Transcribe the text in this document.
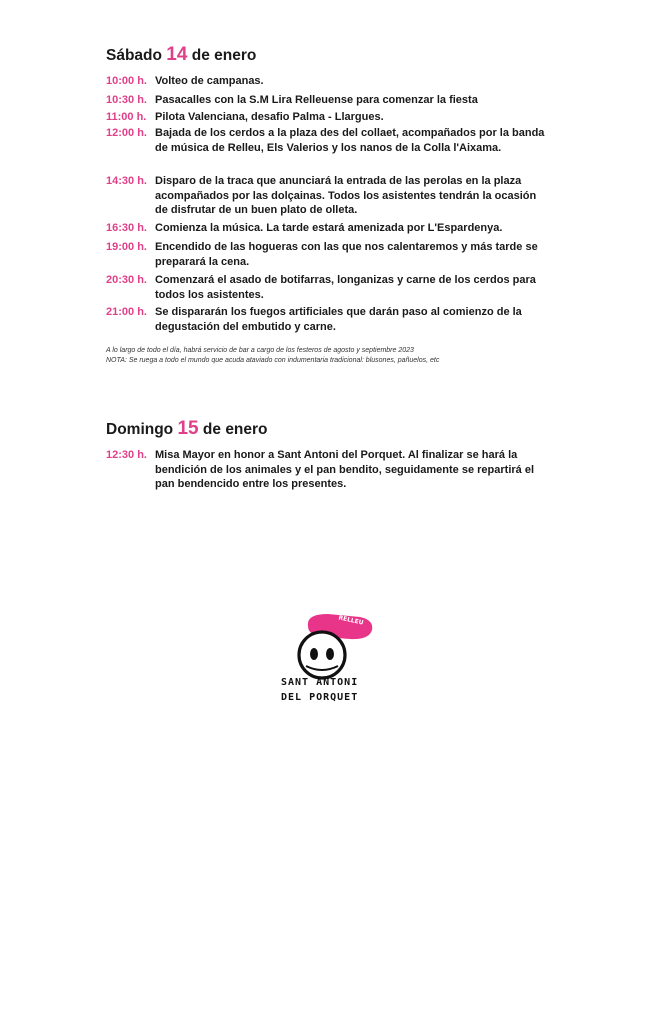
Sábado 14 de enero
10:00 h. Volteo de campanas.
10:30 h. Pasacalles con la S.M Lira Relleuense para comenzar la fiesta
11:00 h. Pilota Valenciana, desafio Palma - Llargues.
12:00 h. Bajada de los cerdos a la plaza des del collaet, acompañados por la banda de música de Relleu, Els Valerios y los nanos de la Colla l'Aixama.
14:30 h. Disparo de la traca que anunciará la entrada de las perolas en la plaza acompañados por las dolçainas. Todos los asistentes tendrán la ocasión de disfrutar de un buen plato de olleta.
16:30 h. Comienza la música. La tarde estará amenizada por L'Espardenya.
19:00 h. Encendido de las hogueras con las que nos calentaremos y más tarde se preparará la cena.
20:30 h. Comenzará el asado de botifarras, longanizas y carne de los cerdos para todos los asistentes.
21:00 h. Se dispararán los fuegos artificiales que darán paso al comienzo de la degustación del embutido y carne.
A lo largo de todo el día, habrá servicio de bar a cargo de los festeros de agosto y septiembre 2023
NOTA: Se ruega a todo el mundo que acuda ataviado con indumentaria tradicional: blusones, pañuelos, etc
Domingo 15 de enero
12:30 h. Misa Mayor en honor a Sant Antoni del Porquet. Al finalizar se hará la bendición de los animales y el pan bendito, seguidamente se repartirá el pan bendencido entre los presentes.
RELLEU
SANT ANTONI
DEL PORQUET
